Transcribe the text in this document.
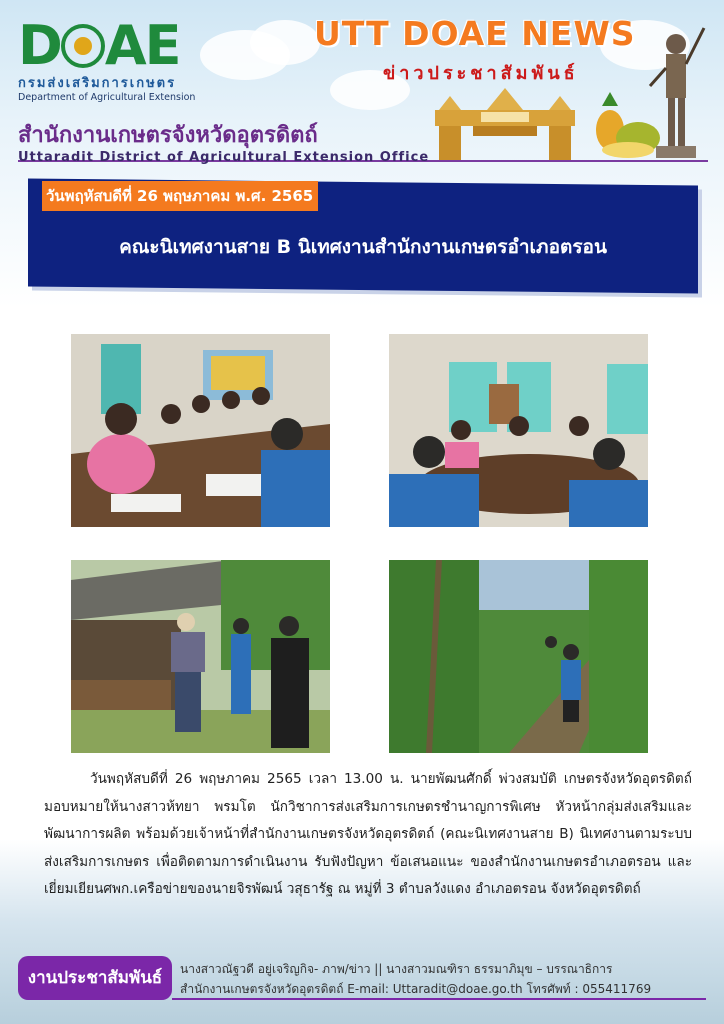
D AE
กรมส่งเสริมการเกษตร
Department of Agricultural Extension
UTT DOAE NEWS
ข่าวประชาสัมพันธ์
สำนักงานเกษตรจังหวัดอุตรดิตถ์
Uttaradit District of Agricultural Extension Office
วันพฤหัสบดีที่ 26 พฤษภาคม พ.ศ. 2565
คณะนิเทศงานสาย B นิเทศงานสำนักงานเกษตรอำเภอตรอน
วันพฤหัสบดีที่ 26 พฤษภาคม 2565 เวลา 13.00 น. นายพัฒนศักดิ์ พ่วงสมบัติ เกษตรจังหวัดอุตรดิตถ์ มอบหมายให้นางสาวห้ทยา พรมโต นักวิชาการส่งเสริมการเกษตรชำนาญการพิเศษ หัวหน้ากลุ่มส่งเสริมและพัฒนาการผลิต พร้อมด้วยเจ้าหน้าที่สำนักงานเกษตรจังหวัดอุตรดิตถ์ (คณะนิเทศงานสาย B) นิเทศงานตามระบบส่งเสริมการเกษตร เพื่อติดตามการดำเนินงาน รับฟังปัญหา ข้อเสนอแนะ ของสำนักงานเกษตรอำเภอตรอน และเยี่ยมเยียนศพก.เครือข่ายของนายจิรพัฒน์ วสุธารัฐ ณ หมู่ที่ 3 ตำบลวังแดง อำเภอตรอน จังหวัดอุตรดิตถ์
งานประชาสัมพันธ์	นางสาวณัฐวดี อยู่เจริญกิจ- ภาพ/ข่าว || นางสาวมณฑิรา ธรรมาภิมุข – บรรณาธิการ
สำนักงานเกษตรจังหวัดอุตรดิตถ์ E-mail: Uttaradit@doae.go.th โทรศัพท์ : 055411769
